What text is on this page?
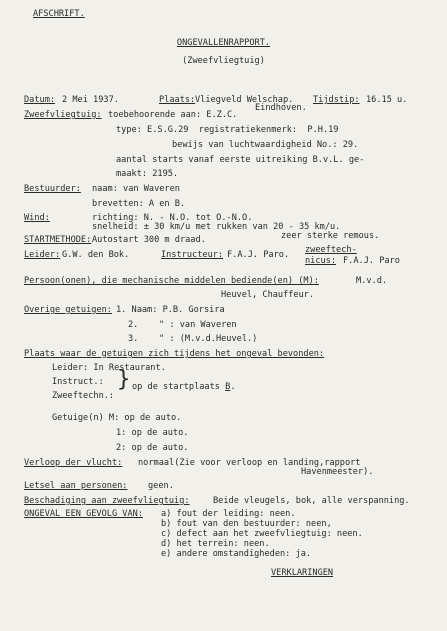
AFSCHRIFT.
ONGEVALLENRAPPORT.
(Zweefvliegtuig)
Datum: 2 Mei 1937.	Plaats: Vliegveld Welschap.
Eindhoven.
Tijdstip: 16.15 u.
Zweefvliegtuig: toebehoorende aan: E.Z.C.
type: E.S.G.29  registratiekenmerk:  P.H.19
bewijs van luchtwaardigheid No.: 29.
aantal starts vanaf eerste uitreiking B.v.L. ge-
maakt: 2195.
Bestuurder: naam: van Waveren
brevetten: A en B.
Wind:	richting: N. - N.O. tot O.-N.O.
snelheid: ± 30 km/u met rukken van 20 - 35 km/u.
zeer sterke remous.
STARTMETHODE: Autostart 300 m draad.
Leider: G.W. den Bok.	Instructeur: F.A.J. Paro. zweeftech-
nicus: F.A.J. Paro
Persoon(onen), die mechanische middelen bediende(en) (M):	M.v.d.
Heuvel, Chauffeur.
Overige getuigen: 1. Naam: P.B. Gorsira
2.    " : van Waveren
3.    " : (M.v.d.Heuvel.)
Plaats waar de getuigen zich tijdens het ongeval bevonden:
Leider: In Restaurant.
Instruct.:
Zweeftechn.:
} op de startplaats B.
Getuige(n) M: op de auto.
1: op de auto.
2: op de auto.
Verloop der vlucht: normaal(Zie voor verloop en landing,rapport
Havenmeester).
Letsel aan personen: geen.
Beschadiging aan zweefvliegtuig:	Beide vleugels, bok, alle verspanning.
ONGEVAL EEN GEVOLG VAN: a) fout der leiding: neen.
b) fout van den bestuurder: neen,
c) defect aan het zweefvliegtuig: neen.
d) het terrein: neen.
e) andere omstandigheden: ja.
VERKLARINGEN
